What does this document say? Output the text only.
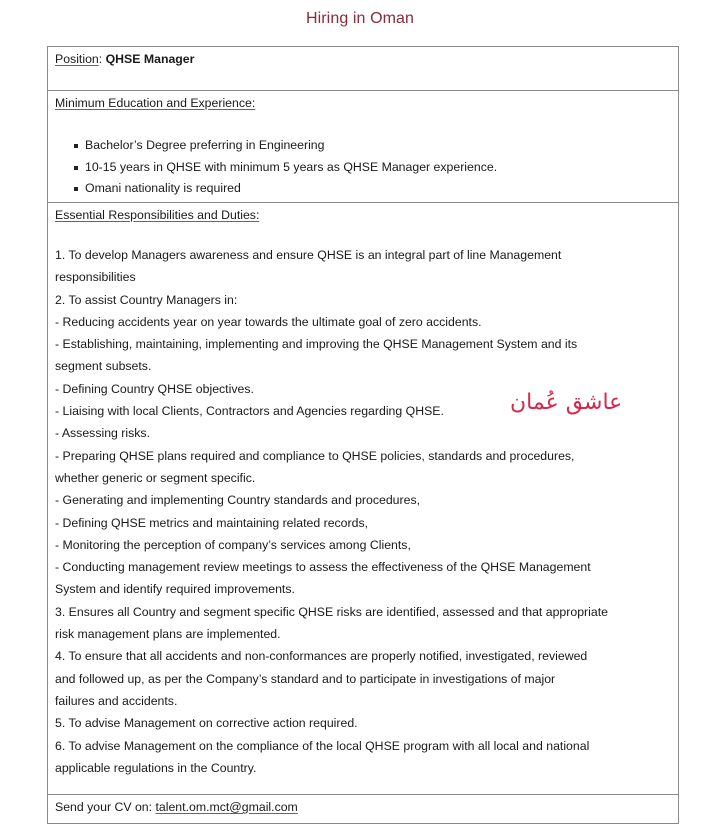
Hiring in Oman
Position: QHSE Manager
Minimum Education and Experience:
Bachelor’s Degree preferring in Engineering
10-15 years in QHSE with minimum 5 years as QHSE Manager experience.
Omani nationality is required
Essential Responsibilities and Duties:
1. To develop Managers awareness and ensure QHSE is an integral part of line Management
responsibilities
2. To assist Country Managers in:
- Reducing accidents year on year towards the ultimate goal of zero accidents.
- Establishing, maintaining, implementing and improving the QHSE Management System and its
segment subsets.
- Defining Country QHSE objectives.
- Liaising with local Clients, Contractors and Agencies regarding QHSE.
- Assessing risks.
- Preparing QHSE plans required and compliance to QHSE policies, standards and procedures,
whether generic or segment specific.
- Generating and implementing Country standards and procedures,
- Defining QHSE metrics and maintaining related records,
- Monitoring the perception of company’s services among Clients,
- Conducting management review meetings to assess the effectiveness of the QHSE Management
System and identify required improvements.
3. Ensures all Country and segment specific QHSE risks are identified, assessed and that appropriate
risk management plans are implemented.
4. To ensure that all accidents and non-conformances are properly notified, investigated, reviewed
and followed up, as per the Company’s standard and to participate in investigations of major
failures and accidents.
5. To advise Management on corrective action required.
6. To advise Management on the compliance of the local QHSE program with all local and national
applicable regulations in the Country.
Send your CV on: talent.om.mct@gmail.com
عاشق عُمان
